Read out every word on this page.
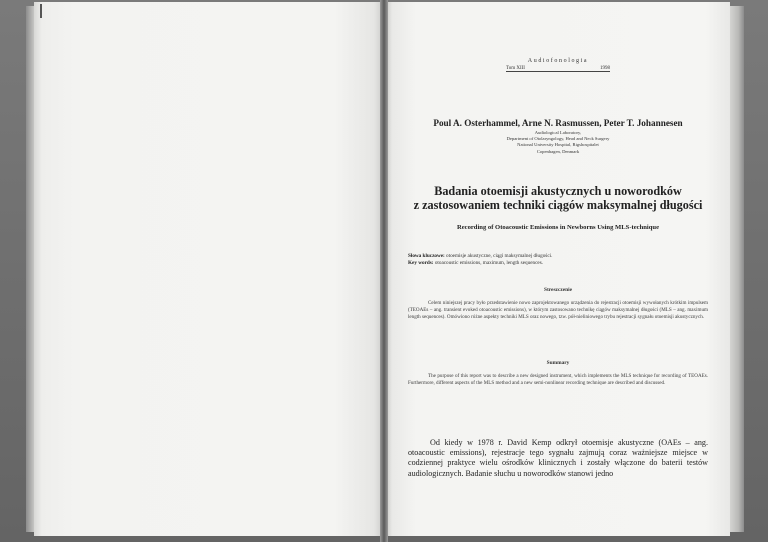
Audiofonologia
Tom XIII	1998
Poul A. Osterhammel, Arne N. Rasmussen, Peter T. Johannesen
Audiological Laboratory,
Department of Otolaryngology, Head and Neck Surgery
National University Hospital, Rigshospitalet
Copenhagen, Denmark
Badania otoemisji akustycznych u noworodków
z zastosowaniem techniki ciągów maksymalnej długości
Recording of Otoacoustic Emissions in Newborns Using MLS-technique
Słowa kluczowe: otoemisje akustyczne, ciągi maksymalnej długości.
Key words: otoacoustic emissions, maximum, length sequences.
Streszczenie
Celem niniejszej pracy było przedstawienie nowo zaprojektowanego urządzenia do rejestracji otoemisji wywołanych krótkim impulsem (TEOAEs – ang. transient evoked otoacoustic emissions), w którym zastosowano technikę ciągów maksymalnej długości (MLS – ang. maximum length sequences). Omówiono różne aspekty techniki MLS oraz nowego, tzw. pół-nieliniowego trybu rejestracji sygnału otoemisji akustycznych.
Summary
The purpose of this report was to describe a new designed instrument, which implements the MLS technique for recording of TEOAEs. Furthermore, different aspects of the MLS method and a new semi-nonlinear recording technique are described and discussed.
Od kiedy w 1978 r. David Kemp odkrył otoemisje akustyczne (OAEs – ang. otoacoustic emissions), rejestracje tego sygnału zajmują coraz ważniejsze miejsce w codziennej praktyce wielu ośrodków klinicznych i zostały włączone do baterii testów audiologicznych. Badanie słuchu u noworodków stanowi jedno
